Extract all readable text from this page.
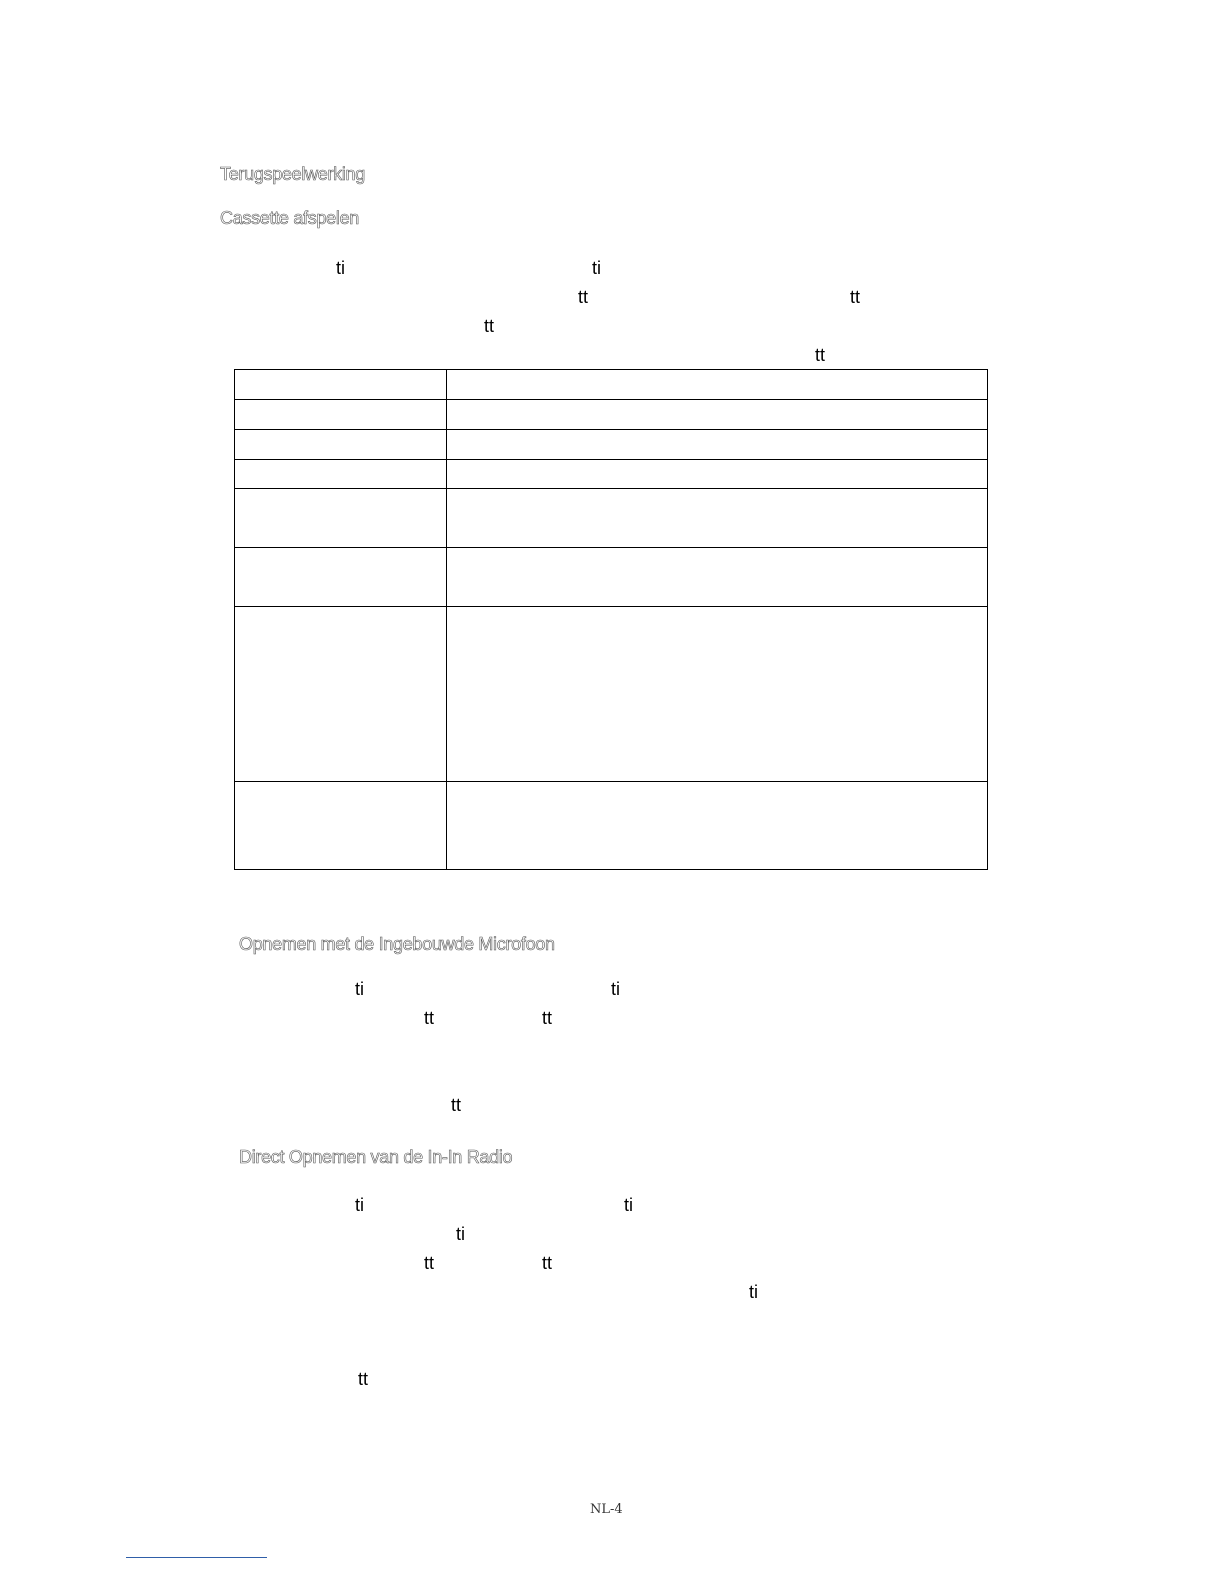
Terugspeelwerking
Cassette afspelen
ti	ti
tt	tt
tt
tt

Opnemen met de Ingebouwde Microfoon
ti	ti
tt	tt
tt
Direct Opnemen van de In-In Radio
ti	ti
ti
tt	tt
ti
tt
NL-4
